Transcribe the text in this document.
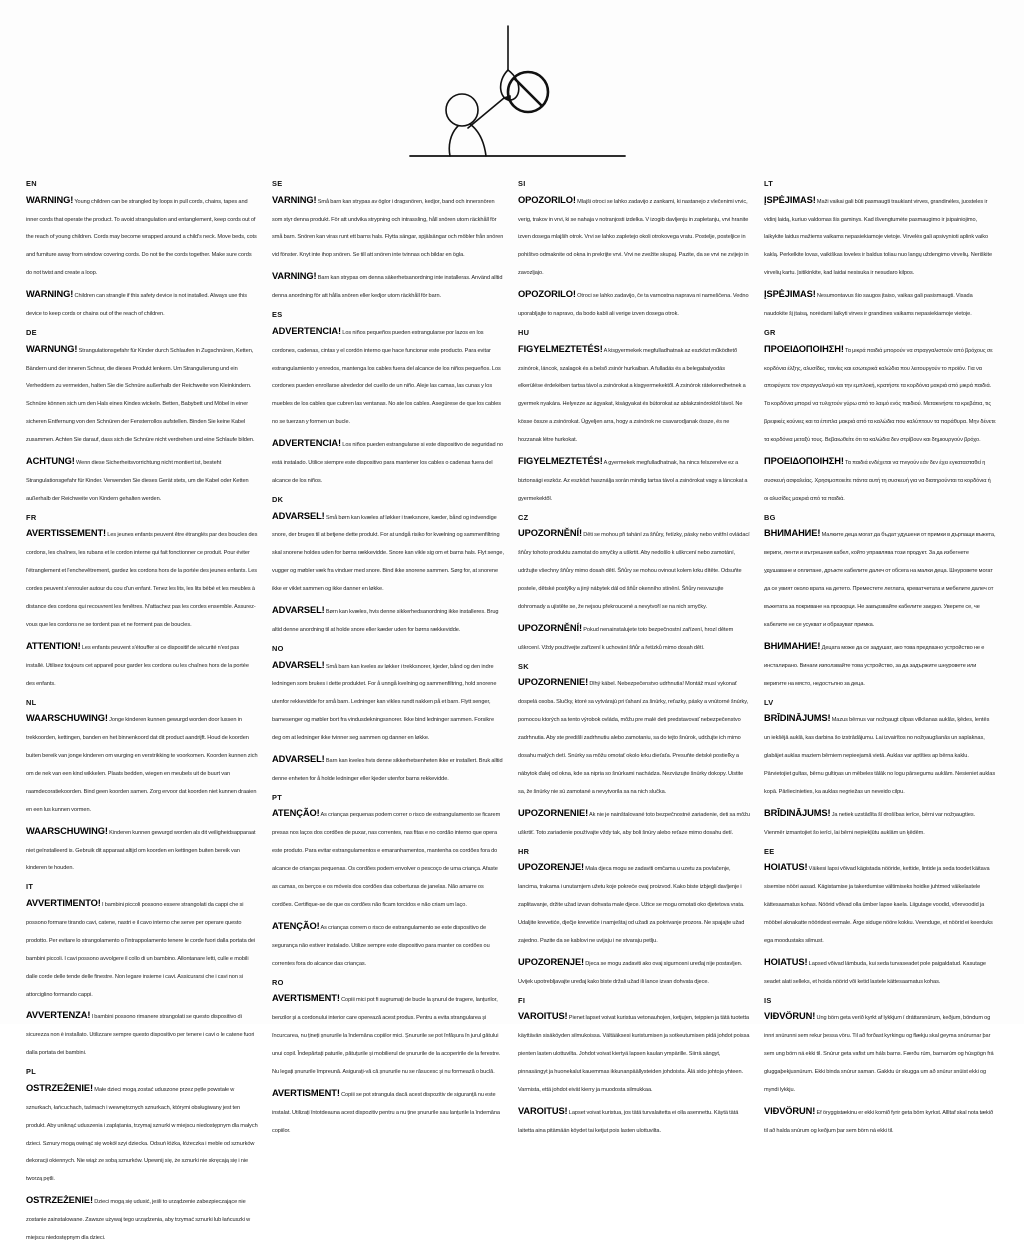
EN
WARNING!Young children can be strangled by loops in pull cords, chains, tapes and inner cords that operate the product. To avoid strangulation and entanglement, keep cords out of the reach of young children. Cords may become wrapped around a child's neck. Move beds, cots and furniture away from window covering cords. Do not tie the cords together. Make sure cords do not twist and create a loop.
WARNING!Children can strangle if this safety device is not installed. Always use this device to keep cords or chains out of the reach of children.
DE
WARNUNG!Strangulationsgefahr für Kinder durch Schlaufen in Zugschnüren, Ketten, Bändern und der inneren Schnur, die dieses Produkt lenkern. Um Strangulierung und ein Verheddern zu vermeiden, halten Sie die Schnüre außerhalb der Reichweite von Kleinkindern. Schnüre können sich um den Hals eines Kindes wickeln. Betten, Babybett und Möbel in einer sicheren Entfernung von den Schnüren der Fensterrollos aufstellen. Binden Sie keine Kabel zusammen. Achten Sie darauf, dass sich die Schnüre nicht verdrehen und eine Schlaufe bilden.
ACHTUNG!Wenn diese Sicherheitsvorrichtung nicht montiert ist, besteht Strangulationsgefahr für Kinder. Verwenden Sie dieses Gerät stets, um die Kabel oder Ketten außerhalb der Reichweite von Kindern gehalten werden.
FR
AVERTISSEMENT!Les jeunes enfants peuvent être étranglés par des boucles des cordons, les chaînes, les rubans et le cordon interne qui fait fonctionner ce produit. Pour éviter l'étranglement et l'enchevêtrement, gardez les cordons hors de la portée des jeunes enfants. Les cordes peuvent s'enrouler autour du cou d'un enfant. Tenez les lits, les lits bébé et les meubles à distance des cordons qui recouvrent les fenêtres. N'attachez pas les cordes ensemble. Assurez-vous que les cordons ne se tordent pas et ne forment pas de boucles.
ATTENTION!Les enfants peuvent s'étouffer si ce dispositif de sécurité n'est pas installé. Utilisez toujours cet appareil pour garder les cordons ou les chaînes hors de la portée des enfants.
NL
WAARSCHUWING!Jonge kinderen kunnen gewurgd worden door lussen in trekkoorden, kettingen, banden en het binnenkoord dat dit product aandrijft. Houd de koorden buiten bereik van jonge kinderen om wurging en verstrikking te voorkomen. Koorden kunnen zich om de nek van een kind wikkelen. Plaats bedden, wiegen en meubels uit de buurt van raamdecoratiekoorden. Bind geen koorden samen. Zorg ervoor dat koorden niet kunnen draaien en een lus kunnen vormen.
WAARSCHUWING!Kinderen kunnen gewurgd worden als dit veiligheidsapparaat niet geïnstalleerd is. Gebruik dit apparaat altijd om koorden en kettingen buiten bereik van kinderen te houden.
IT
AVVERTIMENTO!I bambini piccoli possono essere strangolati da cappi che si possono formare tirando cavi, catene, nastri e il cavo interno che serve per operare questo prodotto. Per evitare lo strangolamento o l'intrappolamento tenere le corde fuori dalla portata dei bambini piccoli. I cavi possono avvolgere il collo di un bambino. Allontanare letti, culle e mobili dalle corde delle tende delle finestre. Non legare insieme i cavi. Assicurarsi che i cavi non si attorciglino formando cappi.
AVVERTENZA!I bambini possono rimanere strangolati se questo dispositivo di sicurezza non è installato. Utilizzare sempre questo dispositivo per tenere i cavi o le catene fuori dalla portata dei bambini.
PL
OSTRZEŻENIE!Małe dzieci mogą zostać uduszone przez pętle powstałe w sznurkach, łańcuchach, taśmach i wewnętrznych sznurkach, którymi obsługiwany jest ten produkt. Aby uniknąć uduszenia i zaplątania, trzymaj sznurki w miejscu niedostępnym dla małych dzieci. Sznury mogą owinąć się wokół szyi dziecka. Odsuń łóżka, łóżeczka i meble od sznurków dekoracji okiennych. Nie wiąż ze sobą sznurków. Upewnij się, że sznurki nie skręcają się i nie tworzą pętli.
OSTRZEŻENIE!Dzieci mogą się udusić, jeśli to urządzenie zabezpieczające nie zostanie zainstalowane. Zawsze używaj tego urządzenia, aby trzymać sznurki lub łańcuszki w miejscu niedostępnym dla dzieci.
SE
VARNING!Små barn kan strypas av öglor i dragsnören, kedjor, band och innersnören som styr denna produkt. För att undvika strypning och intrassling, håll snören utom räckhåll för små barn. Snören kan viras runt ett barns hals. Flytta sängar, spjälsängar och möbler från snören vid fönster. Knyt inte ihop snören. Se till att snören inte tvinnas och bildar en ögla.
VARNING!Barn kan strypas om denna säkerhetsanordning inte installeras. Använd alltid denna anordning för att hålla snören eller kedjor utom räckhåll för barn.
ES
ADVERTENCIA!Los niños pequeños pueden estrangularse por lazos en los cordones, cadenas, cintas y el cordón interno que hace funcionar este producto. Para evitar estrangulamiento y enredos, mantenga los cables fuera del alcance de los niños pequeños. Los cordones pueden enrollarse alrededor del cuello de un niño. Aleje las camas, las cunas y los muebles de los cables que cubren las ventanas. No ate los cables. Asegúrese de que los cables no se tuerzan y formen un bucle.
ADVERTENCIA!Los niños pueden estrangularse si este dispositivo de seguridad no está instalado. Utilice siempre este dispositivo para mantener los cables o cadenas fuera del alcance de los niños.
DK
ADVARSEL!Små børn kan kvæles af løkker i træksnore, kæder, bånd og indvendige snore, der bruges til at betjene dette produkt. For at undgå risiko for kvælning og sammenfiltring skal snorene holdes uden for børns rækkevidde. Snore kan vikle sig om et barns hals. Flyt senge, vugger og møbler væk fra vinduer med snore. Bind ikke snorene sammen. Sørg for, at snorene ikke er viklet sammen og ikke danner en løkke.
ADVARSEL!Børn kan kvæles, hvis denne sikkerhedsanordning ikke installeres. Brug altid denne anordning til at holde snore eller kæder uden for børns rækkevidde.
NO
ADVARSEL!Små barn kan kveles av løkker i trekksnorer, kjeder, bånd og den indre ledningen som brukes i dette produktet. For å unngå kvelning og sammenfiltring, hold snorene utenfor rekkevidde for små barn. Ledninger kan vikles rundt nakken på et barn. Flytt senger, barnesenger og møbler bort fra vindusdekningssnorer. Ikke bind ledninger sammen. Forsikre deg om at ledninger ikke tvinner seg sammen og danner en løkke.
ADVARSEL!Barn kan kveles hvis denne sikkerhetsenheten ikke er installert. Bruk alltid denne enheten for å holde ledninger eller kjeder utenfor barns rekkevidde.
PT
ATENÇÃO!As crianças pequenas podem correr o risco de estrangulamento se ficarem presas nos laços dos cordões de puxar, nas correntes, nas fitas e no cordão interno que opera este produto. Para evitar estrangulamentos e emaranhamentos, mantenha os cordões fora do alcance de crianças pequenas. Os cordões podem envolver o pescoço de uma criança. Afaste as camas, os berços e os móveis dos cordões das coberturas de janelas. Não amarre os cordões. Certifique-se de que os cordões não ficam torcidos e não criam um laço.
ATENÇÃO!As crianças correm o risco de estrangulamento se este dispositivo de segurança não estiver instalado. Utilize sempre este dispositivo para manter os cordões ou correntes fora do alcance das crianças.
RO
AVERTISMENT!Copiii mici pot fi sugrumați de bucle la șnurul de tragere, lanțurilor, benzilor și a cordonului interior care operează acest produs. Pentru a evita strangularea și încurcarea, nu țineți șnururile la îndemâna copiilor mici. Șnururile se pot înfășura în jurul gâtului unui copil. Îndepărtați paturile, pătuțurile și mobilierul de șnururile de la acoperirile de la ferestre. Nu legați șnururile împreună. Asigurați-vă că șnururile nu se răsucesc și nu formează o buclă.
AVERTISMENT!Copiii se pot strangula dacă acest dispozitiv de siguranță nu este instalat. Utilizați întotdeauna acest dispozitiv pentru a nu ține șnururile sau lanțurile la îndemâna copiilor.
SI
OPOZORILO!Mlajši otroci se lahko zadavijo z zankami, ki nastanejo z vlečenimi vrvic, verig, trakov in vrvi, ki se nahaja v notranjosti izdelka. V izogib davljenju in zapletanju, vrvi hranite izven dosega mlajših otrok. Vrvi se lahko zapletejo okoli otrokovega vratu. Postelje, posteljice in pohištvo odmaknite od okna in prekrijte vrvi. Vrvi ne zvežite skupaj. Pazite, da se vrvi ne zvijejo in zavozljajo.
OPOZORILO!Otroci se lahko zadavijo, če ta varnostna naprava ni nameščena. Vedno uporabljajte to napravo, da bodo kabli ali verige izven dosega otrok.
HU
FIGYELMEZTETÉS!A kisgyermekek megfulladhatnak az eszközt működtető zsinórok, láncok, szalagok és a belső zsinór hurkaiban. A fulladás és a belegabalyodás elkerülése érdekében tartsa távol a zsinórokat a kisgyermekektől. A zsinórok rátekeredhetnek a gyermek nyakára. Helyezze az ágyakat, kiságyakat és bútorokat az ablakzsinóroktól távol. Ne kösse össze a zsinórokat. Ügyeljen arra, hogy a zsinórok ne csavarodjanak össze, és ne hozzanak létre hurkokat.
FIGYELMEZTETÉS!A gyermekek megfulladhatnak, ha nincs felszerelve ez a biztonsági eszköz. Az eszközt használja során mindig tartsa távol a zsinórokat vagy a láncokat a gyermekektől.
CZ
UPOZORNĚNÍ!Děti se mohou při tahání za šňůry, řetízky, pásky nebo vnitřní ovládací šňůry tohoto produktu zamotat do smyčky a uškrtit. Aby nedošlo k uškrcení nebo zamotání, udržujte všechny šňůry mimo dosah dětí. Šňůry se mohou ovinout kolem krku dítěte. Odsuňte postele, dětské postýlky a jiný nábytek dál od šňůr okenního stínění. Šňůry nesvazujte dohromady a ujistěte se, že nejsou překroucené a nevytvoří se na nich smyčky.
UPOZORNĚNÍ!Pokud nenainstalujete toto bezpečnostní zařízení, hrozí dětem uškrcení. Vždy používejte zařízení k uchování šňůr a řetízků mimo dosah dětí.
SK
UPOZORNENIE!Dlhý kábel. Nebezpečenstvo udrhnutia! Montáž musí vykonať dospelá osoba. Slučky, ktoré sa vytvárajú pri ťahaní za šnúrky, reťazky, pásky a vnútorné šnúrky, pomocou ktorých sa tento výrobok ovláda, môžu pre malé deti predstavovať nebezpečenstvo zadrhnutia. Aby ste predišli zadrhnutiu alebo zamotaniu, sa do tejto šnúrok, udržujte ich mimo dosahu malých detí. Snúrky sa môžu omotať okolo krku dieťaťa. Presuňte detské postieľky a nábytok ďalej od okna, kde sa nipria so šnúrkami nachádza. Nezväzujte šnúrky dokopy. Uistite sa, že šnúrky nie sú zamotané a nevytvorila sa na nich slučka.
UPOZORNENIE!Ak nie je nainštalované toto bezpečnostné zariadenie, deti sa môžu uškrtiť. Toto zariadenie používajte vždy tak, aby boli šnúry alebo reťaze mimo dosahu detí.
HR
UPOZORENJE!Mala djeca mogu se zadaviti omčama u uzetu za povlačenje, lancima, trakama i unutarnjem užetu koje pokreće ovaj proizvod. Kako biste izbjegli davljenje i zaplitavanje, držite užad izvan dohvata male djece. Užice se mogu omotati oko djetetova vrata. Udaljite krevetiće, dječje krevetiće i namještaj od užadi za pokrivanje prozora. Ne spajajte užad zajedno. Pazite da se kablovi ne uvijaju i ne stvaraju petlju.
UPOZORENJE!Djeca se mogu zadaviti ako ovaj sigurnosni uređaj nije postavljen. Uvijek upotrebljavajte uređaj kako biste držali užad ili lance izvan dohvata djece.
FI
VAROITUS!Pienet lapset voivat kuristua vetonauhojen, ketjujen, teippien ja tätä tuotetta käyttävän sisäköyden silmukoissa. Vältääksesi kuristumisen ja sotkeutumisen pidä johdot poissa pienten lasten ulottuvilta. Johdot voivat kiertyä lapsen kaulan ympärille. Siirrä sängyt, pinnasängyt ja huonekalut kauemmas ikkunanpäällysteiden johdoista. Älä sido johtoja yhteen. Varmista, että johdot eivät kierry ja muodosta silmukkaa.
VAROITUS!Lapset voivat kuristua, jos tätä turvalaitetta ei olla asennettu. Käytä tätä laitetta aina pitämään köydet tai ketjut pois lasten ulottuvilta.
LT
ĮSPĖJIMAS!Maži vaikai gali būti pasmaugti traukiant virves, grandinėles, juosteles ir vidinį laidą, kuriuo valdomas šis gaminys. Kad išvengtumėte pasmaugimo ir įsipainiojimo, laikykite laidus mažiems vaikams nepasiekiamoje vietoje. Virvelės gali apsivynioti aplink vaiko kaklą. Perkelkite lovas, vaikiškas loveles ir baldus toliau nuo langų uždengimo virvelių. Neriškite virvelių kartu. Įsitikinkite, kad laidai nesisuka ir nesudaro kilpos.
ĮSPĖJIMAS!Nesumontavus šio saugos įtaiso, vaikas gali pasismaugti. Visada naudokite šį įtaisą, norėdami laikyti virves ir grandines vaikams nepasiekiamoje vietoje.
GR
ΠΡΟΕΙΔΟΠΟΙΗΣΗ!Τα μικρά παιδιά μπορούν να στραγγαλιστούν από βρόχους σε κορδόνια έλξης, αλυσίδες, ταινίες και εσωτερικά καλώδια που λειτουργούν το προϊόν. Για να αποφύγετε τον στραγγαλισμό και την εμπλοκή, κρατήστε τα κορδόνια μακριά από μικρά παιδιά. Τα κορδόνια μπορεί να τυλιχτούν γύρω από το λαιμό ενός παιδιού. Μετακινήστε τα κρεβάτια, τις βρεφικές κούνιες και τα έπιπλα μακριά από τα καλώδια που καλύπτουν τα παράθυρα. Μην δένετε τα κορδόνια μεταξύ τους. Βεβαιωθείτε ότι τα καλώδια δεν στρίβουν και δημιουργούν βρόχο.
ΠΡΟΕΙΔΟΠΟΙΗΣΗ!Τα παιδιά ενδέχεται να πνιγούν εάν δεν έχει εγκατασταθεί η συσκευή ασφαλείας. Χρησιμοποιείτε πάντα αυτή τη συσκευή για να διατηρούνται τα κορδόνια ή οι αλυσίδες μακριά από τα παιδιά.
BG
ВНИМАНИЕ!Малките деца могат да бъдат удушени от примки в дърпащи въжета, вериги, ленти и вътрешния кабел, който управлява този продукт. За да избегнете удушаване и оплитане, дръжте кабелите далеч от обсега на малки деца. Шнуровете могат да се увият около врата на детето. Преместете леглата, креватчетата и мебелите далеч от въжетата за покриване на прозорци. Не завързвайте кабелите заедно. Уверете се, че кабелите не се усукват и образуват примка.
ВНИМАНИЕ!Децата може да се задушат, ако това предпазно устройство не е инсталирано. Винаги използвайте това устройство, за да задържите шнуровете или веригите на място, недостъпно за деца.
LV
BRĪDINĀJUMS!Mazus bērnus var nožņaugt cilpas vilkšanas auklās, ķēdes, lentēs un iekšējā auklā, kas darbina šo izstrādājumu. Lai izvairītos no nožņaugšanās un saplaknas, glabājet auklas maziem bērniem nepieejamā vietā. Auklas var aptīties ap bērna kaklu. Pārvietojiet gultas, bērnu gultiņas un mēbeles tālāk no logu pārsegumu auklām. Nesieniet auklas kopā. Pārliecinieties, ka auklas negriežas un neveido cilpu.
BRĪDINĀJUMS!Ja netiek uzstādīta šī drošības ierīce, bērni var nožņaugties. Vienmēr izmantojiet šo ierīci, lai bērni nepiekļūtu auklām un ķēdēm.
EE
HOIATUS!Väikesi lapsi võivad kägistada nööride, kettide, lintide ja seda toodet käitava sisemise nööri aasad. Kägistamise ja takerdumise vältimiseks hoidke juhtmed väikelastele kättesaamatus kohas. Nöörid võivad olla ümber lapse kaela. Liigutage voodid, võrevoodid ja mööbel aknakatte nööridest eemale. Ärge siduge nööre kokku. Veenduge, et nöörid ei keerduks ega moodustaks silmust.
HOIATUS!Lapsed võivad lämbuda, kui seda turvaseadet pole paigaldatud. Kasutage seadet alati selleks, et hoida nöörid või ketid lastele kättesaamatus kohas.
IS
VIÐVÖRUN!Ung börn geta verið kyrkt af lykkjum í dráttarsnúrum, keðjum, böndum og innri snúrunni sem rekur þessa vöru. Til að forðast kyrkingu og flækju skal geyma snúrurnar þar sem ung börn ná ekki til. Snúrur geta vafist um háls barns. Færðu rúm, barnarúm og húsgögn frá gluggaþekjusnúrum. Ekki binda snúrur saman. Gakktu úr skugga um að snúrur snúist ekki og myndi lykkju.
VIÐVÖRUN!Ef öryggistækinu er ekki komið fyrir geta börn kyrkst. Allltaf skal nota tækið til að halda snúrum og keðjum þar sem börn ná ekki til.
